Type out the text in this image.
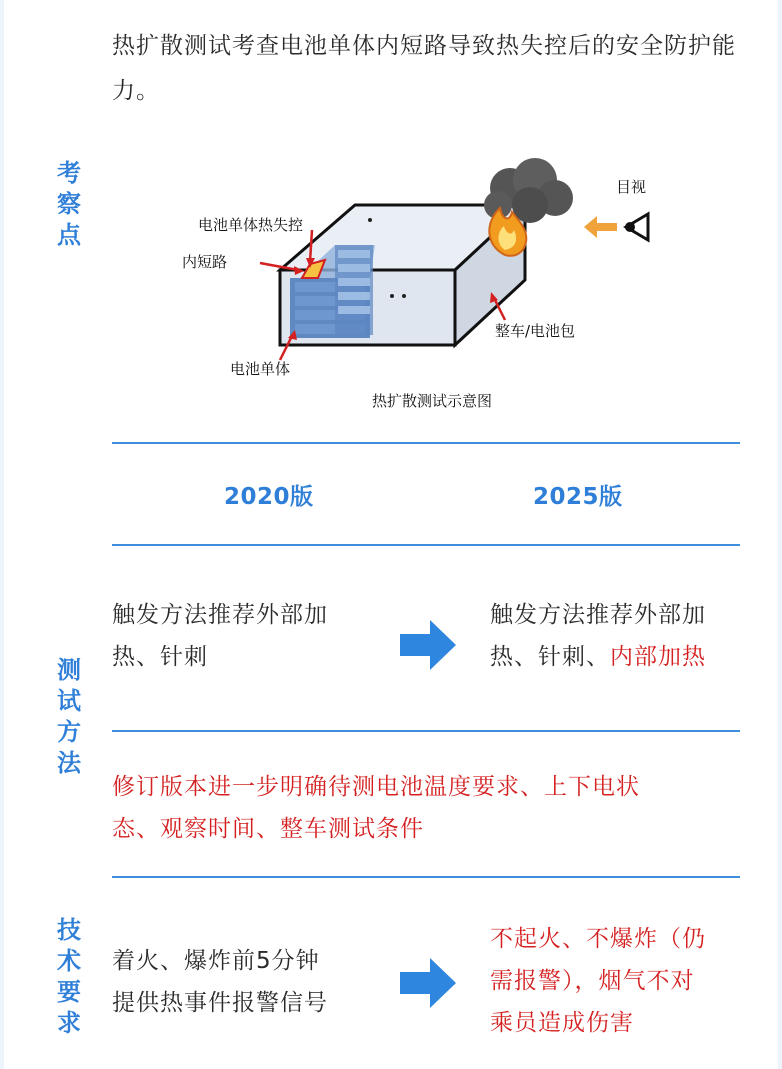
热扩散测试考查电池单体内短路导致热失控后的安全防护能力。
考察点	电池单体热失控
内短路
电池单体
整车/电池包
目视
热扩散测试示意图
2020版	2025版
测试方法
触发方法推荐外部加
热、针刺
触发方法推荐外部加
热、针刺、内部加热
修订版本进一步明确待测电池温度要求、上下电状
态、观察时间、整车测试条件
技术要求
着火、爆炸前5分钟
提供热事件报警信号
不起火、不爆炸（仍
需报警），烟气不对
乘员造成伤害
